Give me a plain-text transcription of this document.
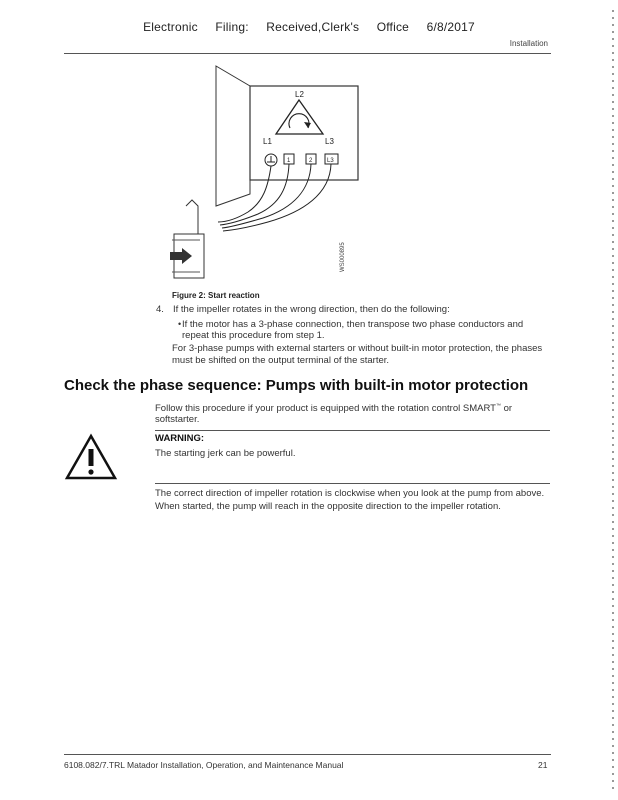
Electronic Filing: Received,Clerk's Office 6/8/2017
Installation
L2
L1	L3
1	2 L3
WS000895
Figure 2: Start reaction
4. If the impeller rotates in the wrong direction, then do the following:
• If the motor has a 3-phase connection, then transpose two phase conductors and repeat this procedure from step 1.
For 3-phase pumps with external starters or without built-in motor protection, the phases must be shifted on the output terminal of the starter.
Check the phase sequence: Pumps with built-in motor protection
Follow this procedure if your product is equipped with the rotation control SMART™ or softstarter.
WARNING:
The starting jerk can be powerful.
The correct direction of impeller rotation is clockwise when you look at the pump from above. When started, the pump will reach in the opposite direction to the impeller rotation.
6108.082/7.TRL Matador Installation, Operation, and Maintenance Manual	21
